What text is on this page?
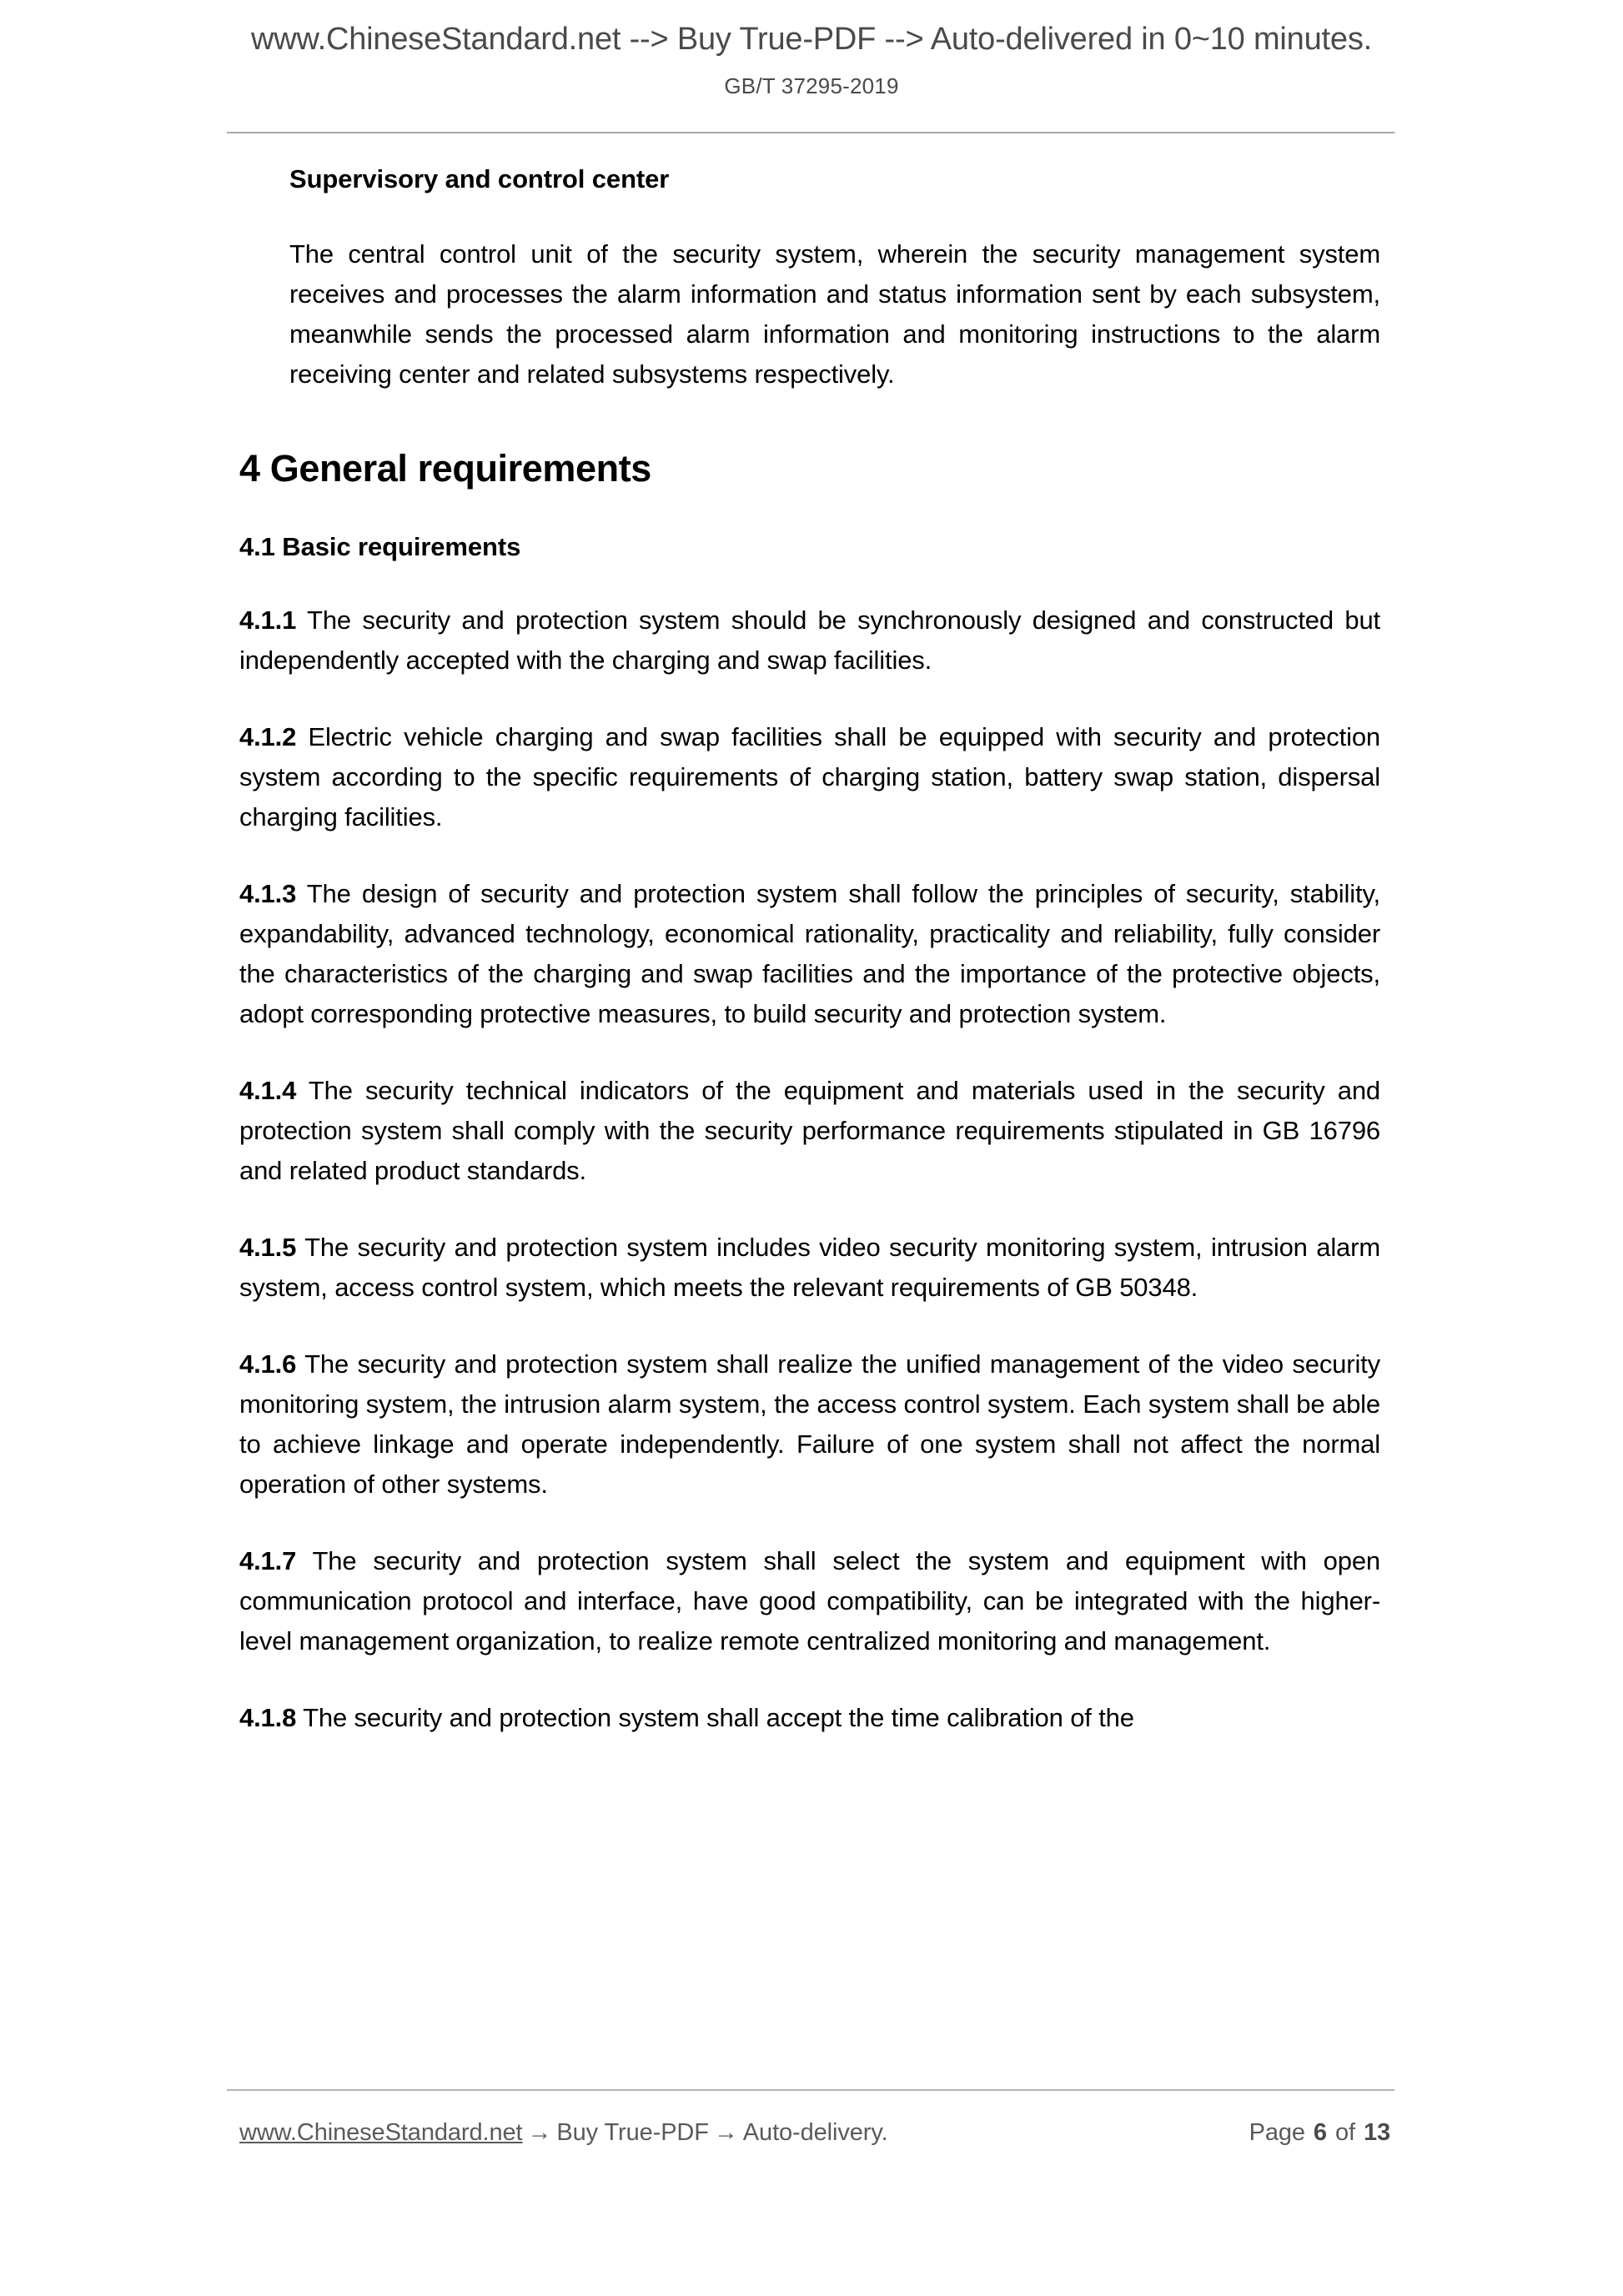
www.ChineseStandard.net --> Buy True-PDF --> Auto-delivered in 0~10 minutes.
GB/T 37295-2019
Supervisory and control center
The central control unit of the security system, wherein the security management system receives and processes the alarm information and status information sent by each subsystem, meanwhile sends the processed alarm information and monitoring instructions to the alarm receiving center and related subsystems respectively.
4 General requirements
4.1 Basic requirements

4.1.1 The security and protection system should be synchronously designed and constructed but independently accepted with the charging and swap facilities.

4.1.2 Electric vehicle charging and swap facilities shall be equipped with security and protection system according to the specific requirements of charging station, battery swap station, dispersal charging facilities.

4.1.3 The design of security and protection system shall follow the principles of security, stability, expandability, advanced technology, economical rationality, practicality and reliability, fully consider the characteristics of the charging and swap facilities and the importance of the protective objects, adopt corresponding protective measures, to build security and protection system.

4.1.4 The security technical indicators of the equipment and materials used in the security and protection system shall comply with the security performance requirements stipulated in GB 16796 and related product standards.

4.1.5 The security and protection system includes video security monitoring system, intrusion alarm system, access control system, which meets the relevant requirements of GB 50348.

4.1.6 The security and protection system shall realize the unified management of the video security monitoring system, the intrusion alarm system, the access control system. Each system shall be able to achieve linkage and operate independently. Failure of one system shall not affect the normal operation of other systems.

4.1.7 The security and protection system shall select the system and equipment with open communication protocol and interface, have good compatibility, can be integrated with the higher-level management organization, to realize remote centralized monitoring and management.

4.1.8 The security and protection system shall accept the time calibration of the

www.ChineseStandard.net → Buy True-PDF → Auto-delivery.	Page 6 of 13
